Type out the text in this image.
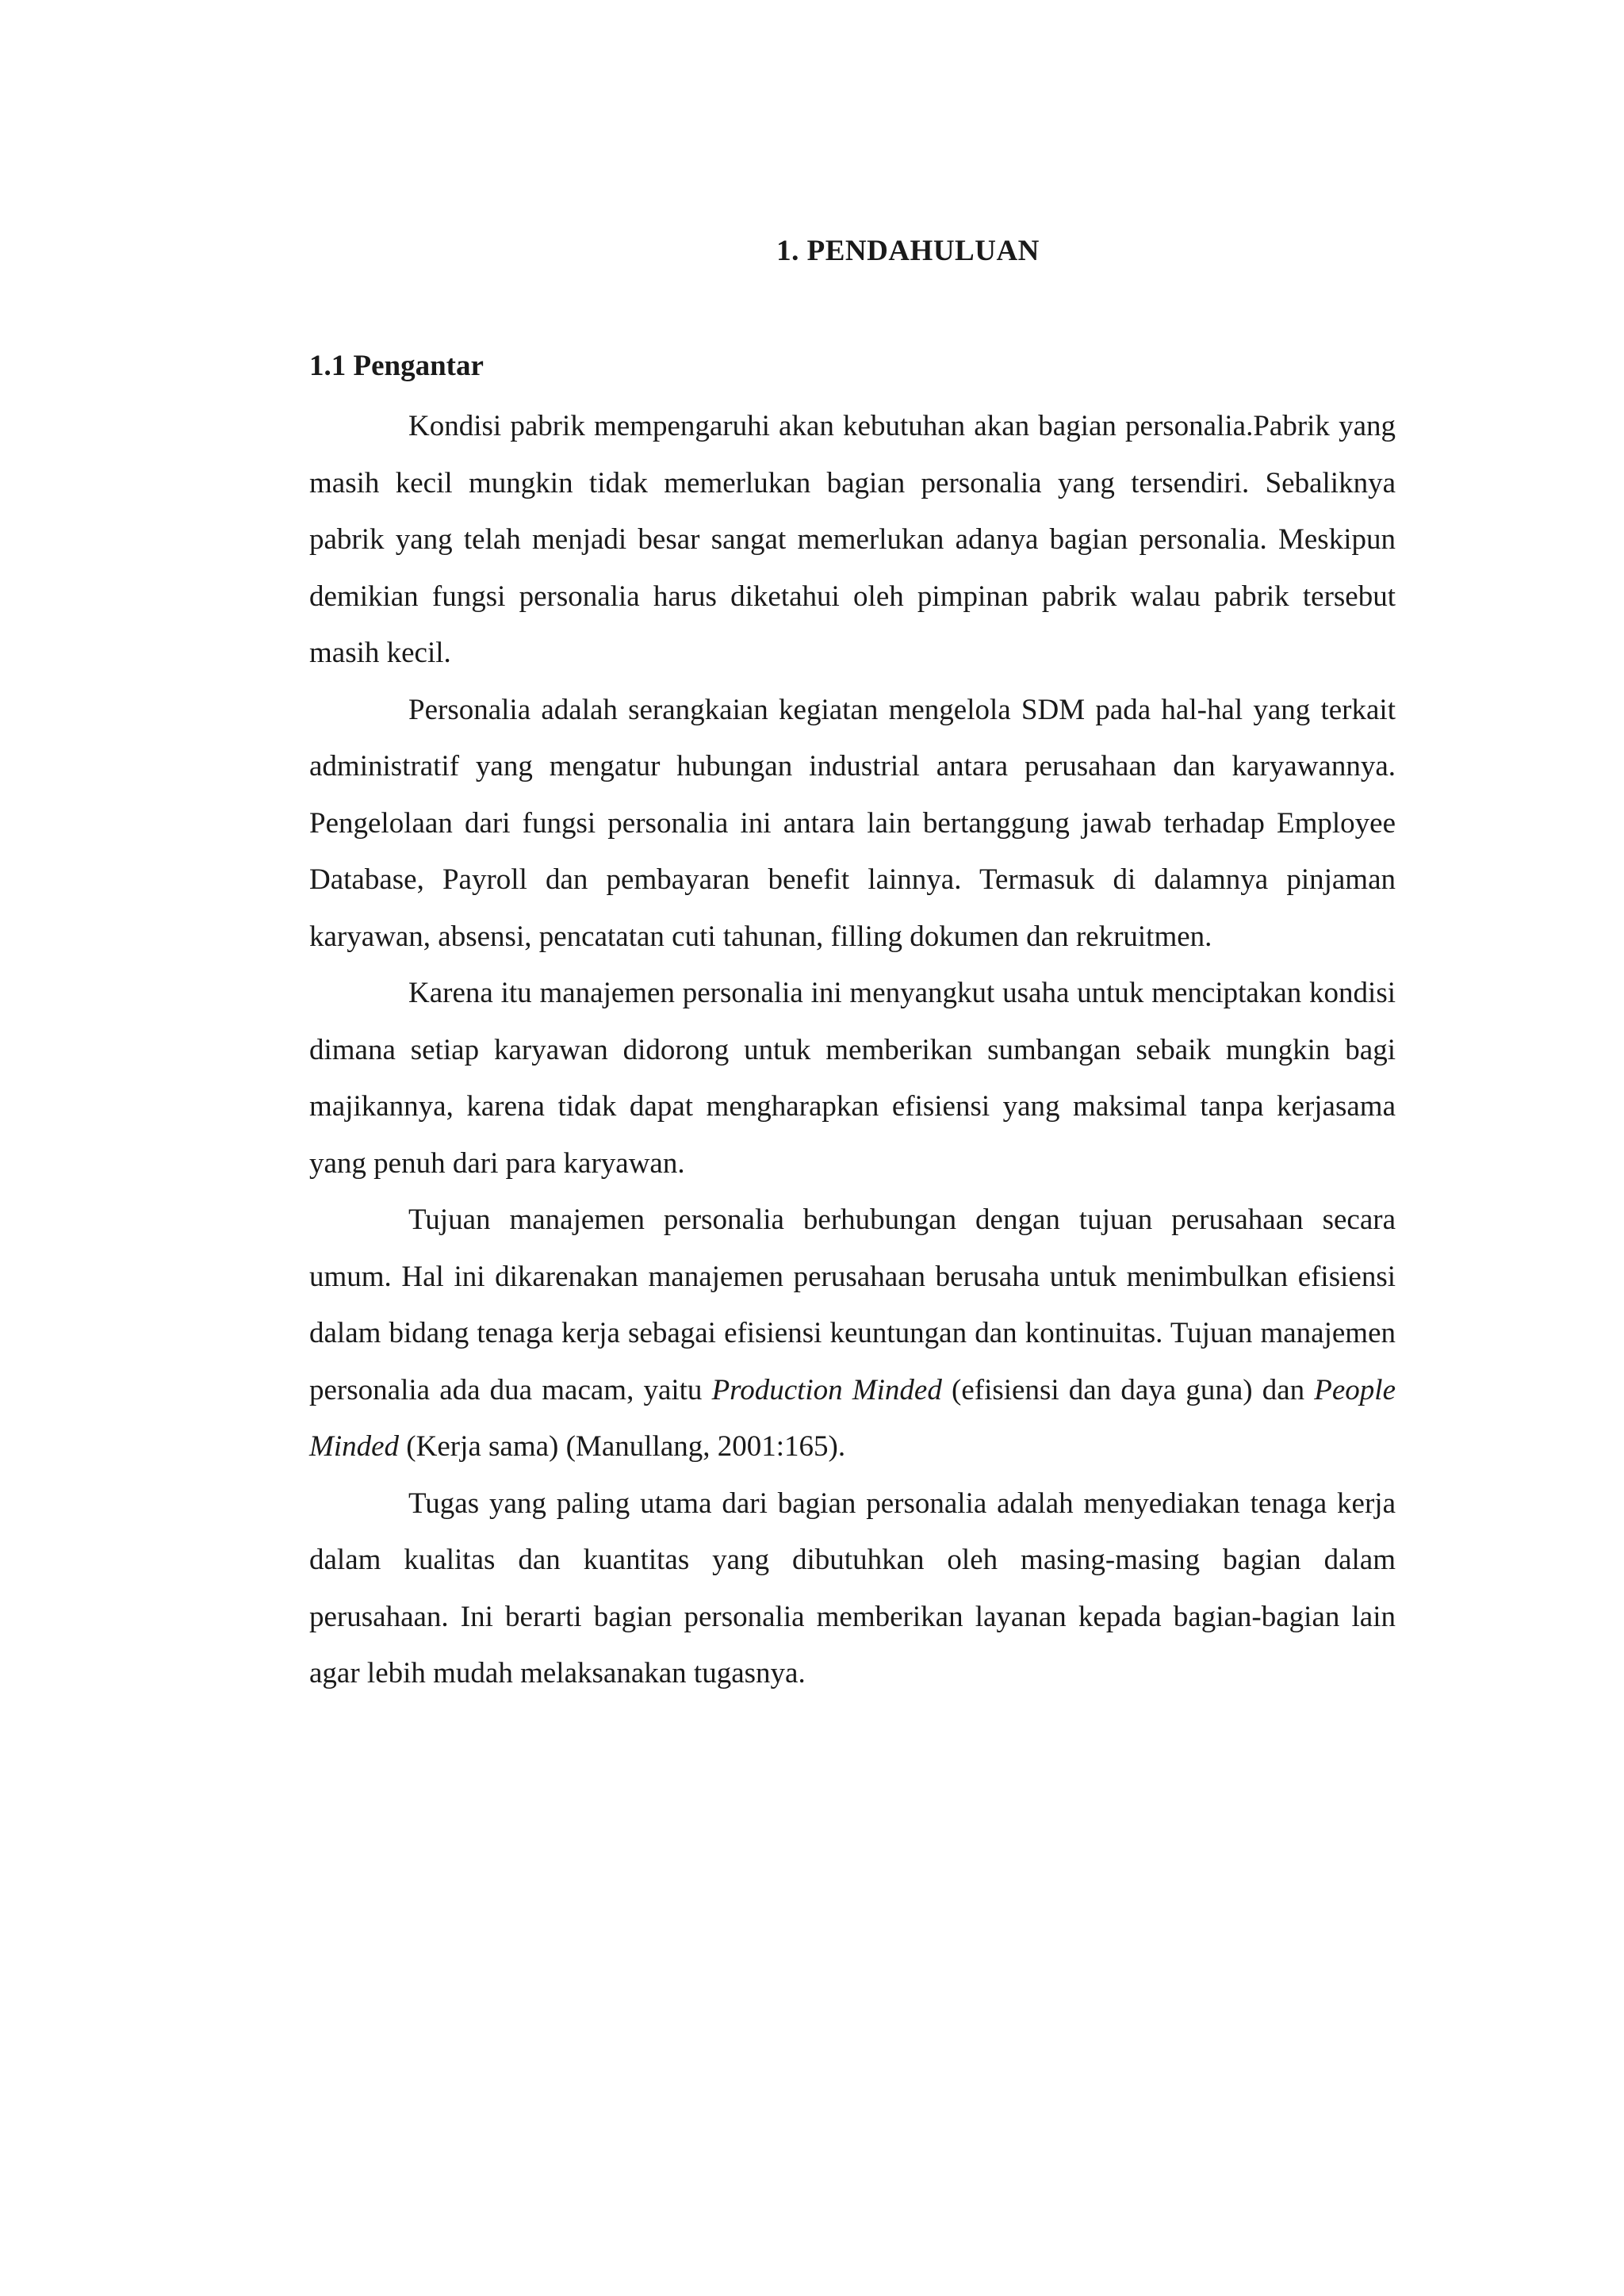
1. PENDAHULUAN
1.1 Pengantar

Kondisi pabrik mempengaruhi akan kebutuhan akan bagian personalia.Pabrik yang masih kecil mungkin tidak memerlukan bagian personalia yang tersendiri. Sebaliknya pabrik yang telah menjadi besar sangat memerlukan adanya bagian personalia. Meskipun demikian fungsi personalia harus diketahui oleh pimpinan pabrik walau pabrik tersebut masih kecil.

Personalia adalah serangkaian kegiatan mengelola SDM pada hal-hal yang terkait administratif yang mengatur hubungan industrial antara perusahaan dan karyawannya. Pengelolaan dari fungsi personalia ini antara lain bertanggung jawab terhadap Employee Database, Payroll dan pembayaran benefit lainnya. Termasuk di dalamnya pinjaman karyawan, absensi, pencatatan cuti tahunan, filling dokumen dan rekruitmen.

Karena itu manajemen personalia ini menyangkut usaha untuk menciptakan kondisi dimana setiap karyawan didorong untuk memberikan sumbangan sebaik mungkin bagi majikannya, karena tidak dapat mengharapkan efisiensi yang maksimal tanpa kerjasama yang penuh dari para karyawan.

Tujuan manajemen personalia berhubungan dengan tujuan perusahaan secara umum. Hal ini dikarenakan manajemen perusahaan berusaha untuk menimbulkan efisiensi dalam bidang tenaga kerja sebagai efisiensi keuntungan dan kontinuitas. Tujuan manajemen personalia ada dua macam, yaitu Production Minded (efisiensi dan daya guna) dan People Minded (Kerja sama) (Manullang, 2001:165).

Tugas yang paling utama dari bagian personalia adalah menyediakan tenaga kerja dalam kualitas dan kuantitas yang dibutuhkan oleh masing-masing bagian dalam perusahaan. Ini berarti bagian personalia memberikan layanan kepada bagian-bagian lain agar lebih mudah melaksanakan tugasnya.
